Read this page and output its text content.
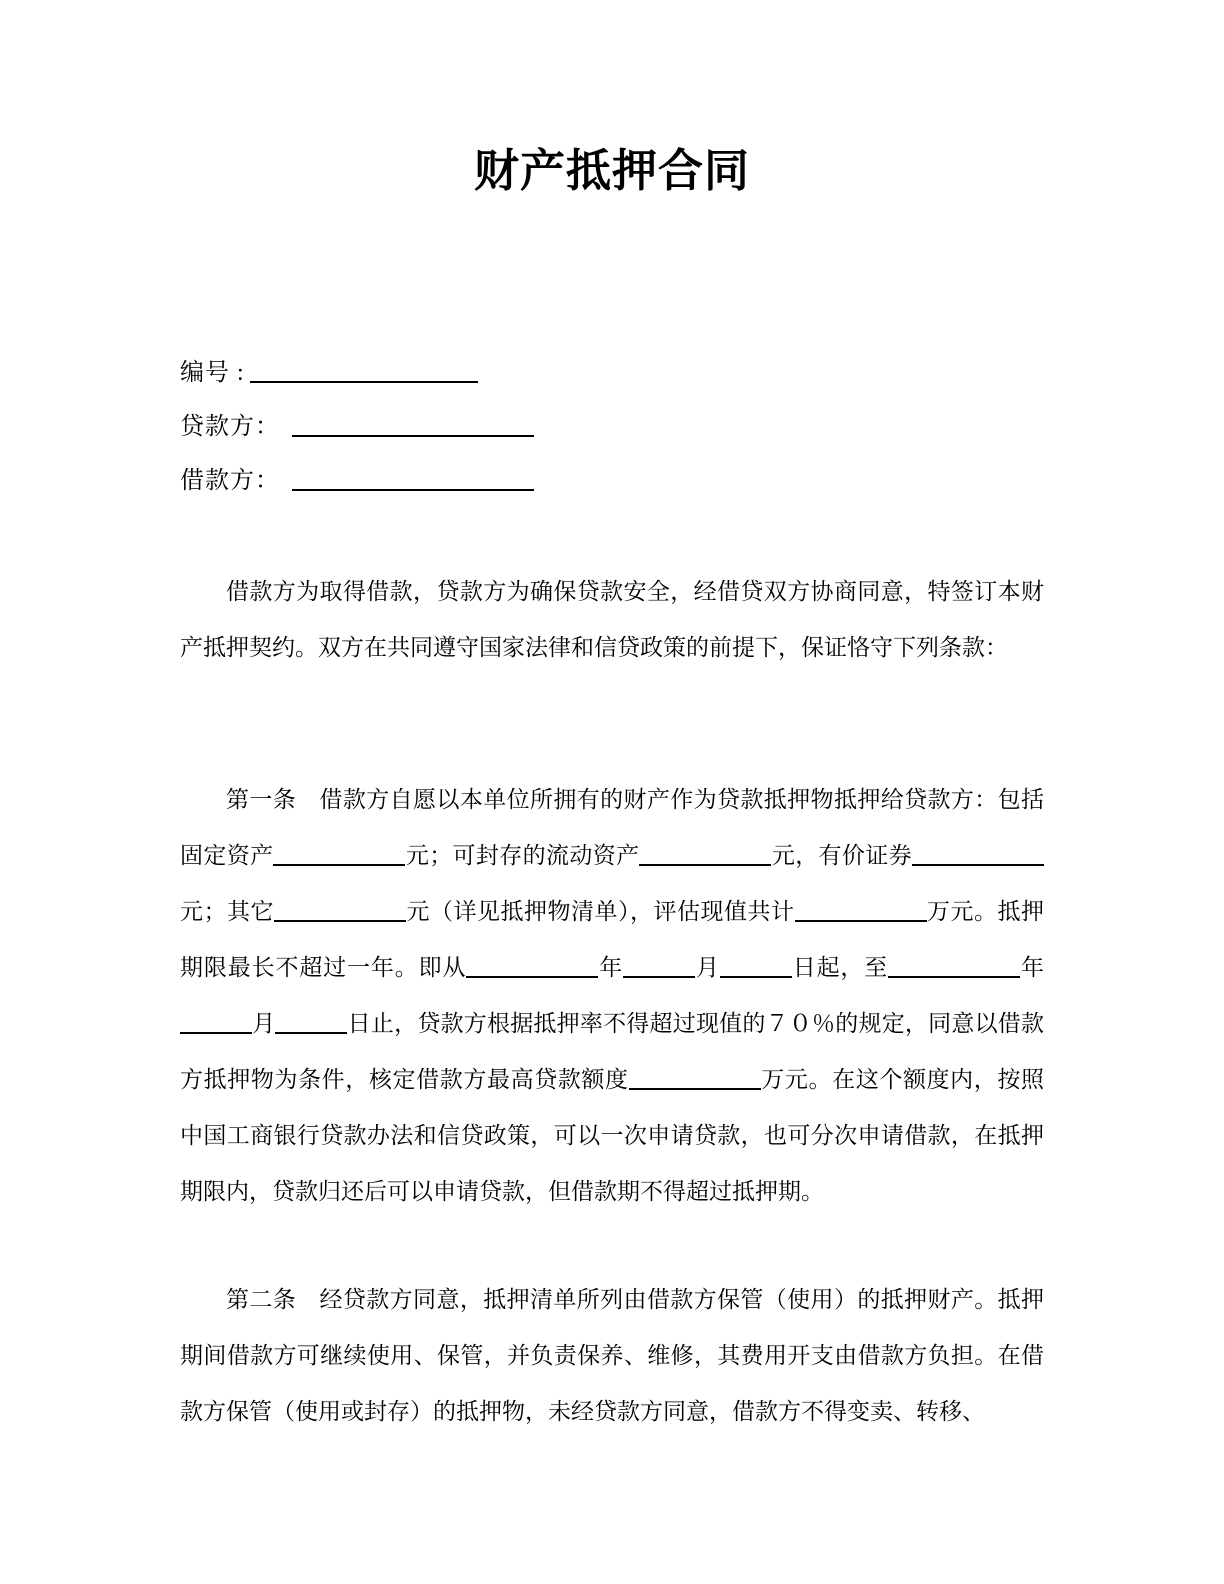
财产抵押合同
编号 :
贷款方：
借款方：

借款方为取得借款，贷款方为确保贷款安全，经借贷双方协商同意，特签订本财产抵押契约。双方在共同遵守国家法律和信贷政策的前提下，保证恪守下列条款：

第一条　借款方自愿以本单位所拥有的财产作为贷款抵押物抵押给贷款方：包括固定资产	元；可封存的流动资产	元，有价证券元；其它	元（详见抵押物清单），评估现值共计	万元。抵押期限最长不超过一年。即从	年	月	日起，至	年月	日止，贷款方根据抵押率不得超过现值的７０％的规定，同意以借款方抵押物为条件，核定借款方最高贷款额度	万元。在这个额度内，按照中国工商银行贷款办法和信贷政策，可以一次申请贷款，也可分次申请借款，在抵押期限内，贷款归还后可以申请贷款，但借款期不得超过抵押期。

第二条　经贷款方同意，抵押清单所列由借款方保管（使用）的抵押财产。抵押期间借款方可继续使用、保管，并负责保养、维修，其费用开支由借款方负担。在借款方保管（使用或封存）的抵押物，未经贷款方同意，借款方不得变卖、转移、
